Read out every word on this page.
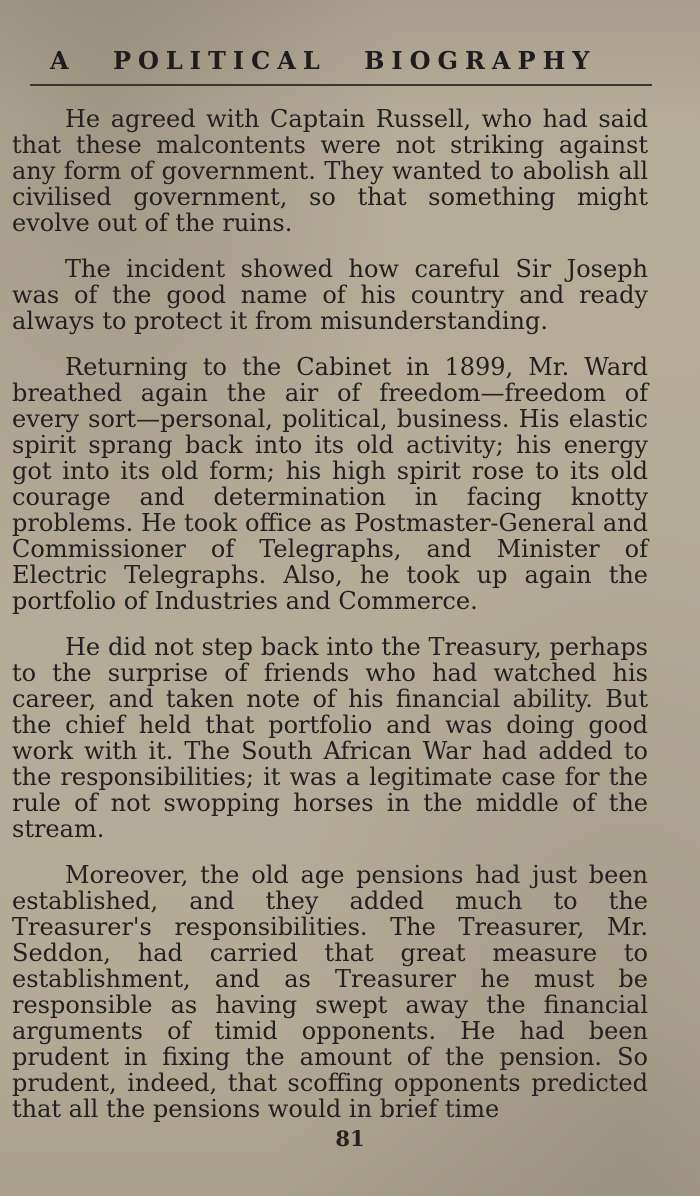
A POLITICAL BIOGRAPHY

He agreed with Captain Russell, who had said that these malcontents were not striking against any form of government. They wanted to abolish all civilised government, so that something might evolve out of the ruins.

The incident showed how careful Sir Joseph was of the good name of his country and ready always to protect it from misunderstanding.

Returning to the Cabinet in 1899, Mr. Ward breathed again the air of freedom—freedom of every sort—personal, political, business. His elastic spirit sprang back into its old activity; his energy got into its old form; his high spirit rose to its old courage and determination in facing knotty problems. He took office as Postmaster-General and Commissioner of Telegraphs, and Minister of Electric Telegraphs. Also, he took up again the portfolio of Industries and Commerce.

He did not step back into the Treasury, perhaps to the surprise of friends who had watched his career, and taken note of his financial ability. But the chief held that portfolio and was doing good work with it. The South African War had added to the responsibilities; it was a legitimate case for the rule of not swopping horses in the middle of the stream.

Moreover, the old age pensions had just been established, and they added much to the Treasurer's responsibilities. The Treasurer, Mr. Seddon, had carried that great measure to establishment, and as Treasurer he must be responsible as having swept away the financial arguments of timid opponents. He had been prudent in fixing the amount of the pension. So prudent, indeed, that scoffing opponents predicted that all the pensions would in brief time

81
